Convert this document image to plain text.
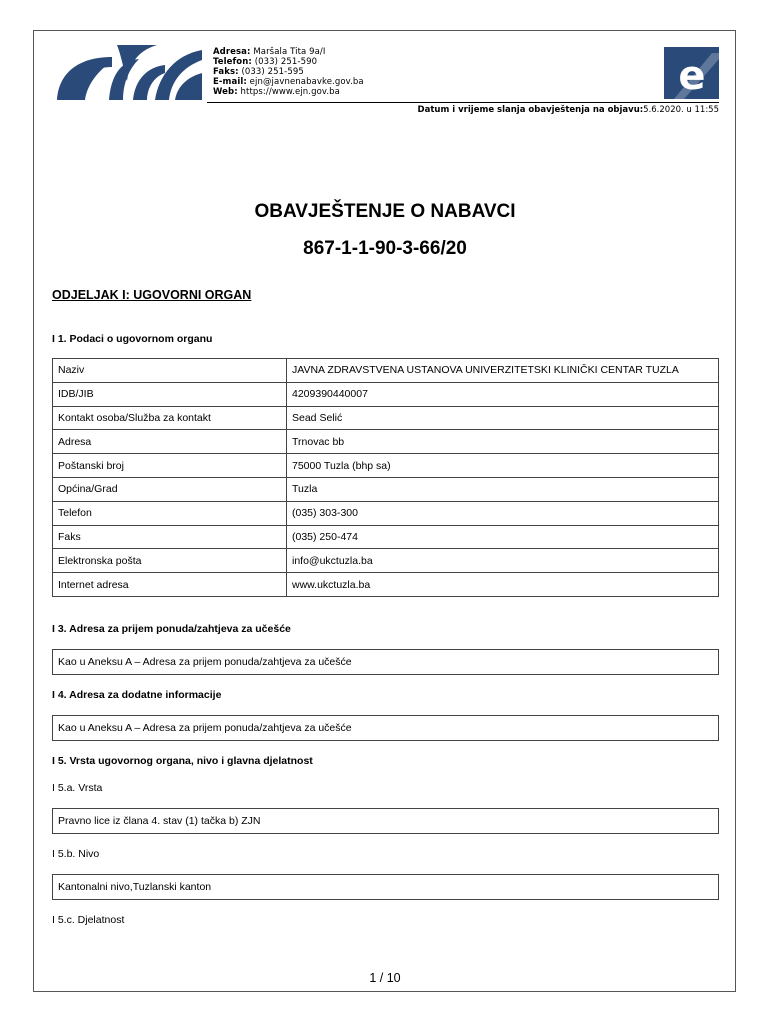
Adresa: Maršala Tita 9a/I
Telefon: (033) 251-590
Faks: (033) 251-595
E-mail: ejn@javnenabavke.gov.ba
Web: https://www.ejn.gov.ba	e
Datum i vrijeme slanja obavještenja na objavu:5.6.2020. u 11:55
OBAVJEŠTENJE O NABAVCI
867-1-1-90-3-66/20
ODJELJAK I: UGOVORNI ORGAN
I 1. Podaci o ugovornom organu
Naziv	JAVNA ZDRAVSTVENA USTANOVA UNIVERZITETSKI KLINIČKI CENTAR TUZLA
IDB/JIB	4209390440007
Kontakt osoba/Služba za kontakt	Sead Selić
Adresa	Trnovac bb
Poštanski broj	75000 Tuzla (bhp sa)
Općina/Grad	Tuzla
Telefon	(035) 303-300
Faks	(035) 250-474
Elektronska pošta	info@ukctuzla.ba
Internet adresa	www.ukctuzla.ba
I 3. Adresa za prijem ponuda/zahtjeva za učešće
Kao u Aneksu A – Adresa za prijem ponuda/zahtjeva za učešće
I 4. Adresa za dodatne informacije
Kao u Aneksu A – Adresa za prijem ponuda/zahtjeva za učešće
I 5. Vrsta ugovornog organa, nivo i glavna djelatnost
I 5.a. Vrsta
Pravno lice iz člana 4. stav (1) tačka b) ZJN
I 5.b. Nivo
Kantonalni nivo,Tuzlanski kanton
I 5.c. Djelatnost
1 / 10
